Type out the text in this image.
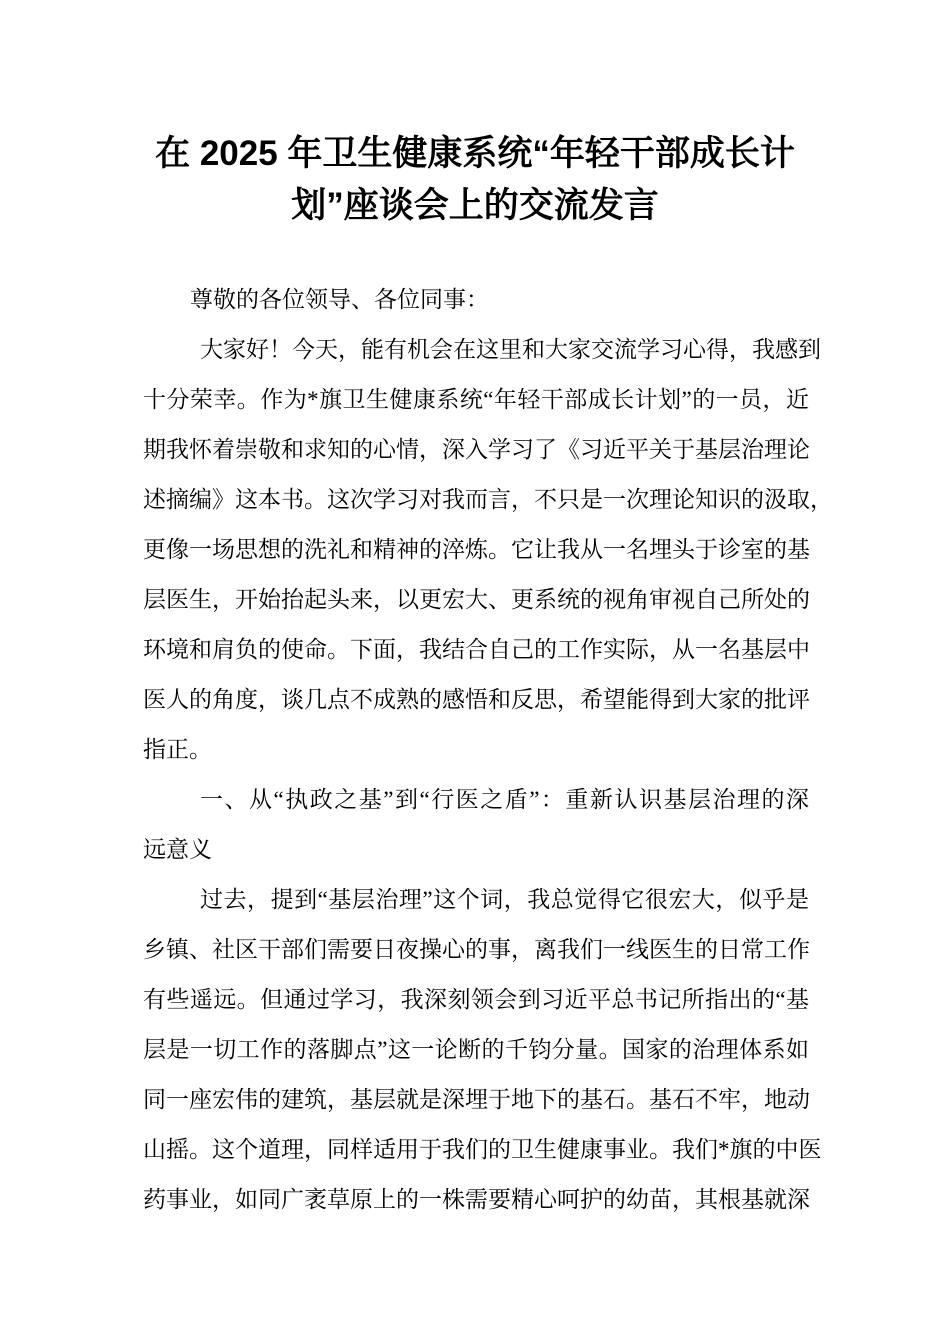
在 2025 年卫生健康系统“年轻干部成长计
划”座谈会上的交流发言
尊敬的各位领导、各位同事：
大家好！今天，能有机会在这里和大家交流学习心得，我感到
十分荣幸。作为*旗卫生健康系统“年轻干部成长计划”的一员，近
期我怀着崇敬和求知的心情，深入学习了《习近平关于基层治理论
述摘编》这本书。这次学习对我而言，不只是一次理论知识的汲取，
更像一场思想的洗礼和精神的淬炼。它让我从一名埋头于诊室的基
层医生，开始抬起头来，以更宏大、更系统的视角审视自己所处的
环境和肩负的使命。下面，我结合自己的工作实际，从一名基层中
医人的角度，谈几点不成熟的感悟和反思，希望能得到大家的批评
指正。
一、从“执政之基”到“行医之盾”：重新认识基层治理的深
远意义
过去，提到“基层治理”这个词，我总觉得它很宏大，似乎是
乡镇、社区干部们需要日夜操心的事，离我们一线医生的日常工作
有些遥远。但通过学习，我深刻领会到习近平总书记所指出的“基
层是一切工作的落脚点”这一论断的千钧分量。国家的治理体系如
同一座宏伟的建筑，基层就是深埋于地下的基石。基石不牢，地动
山摇。这个道理，同样适用于我们的卫生健康事业。我们*旗的中医
药事业，如同广袤草原上的一株需要精心呵护的幼苗，其根基就深
